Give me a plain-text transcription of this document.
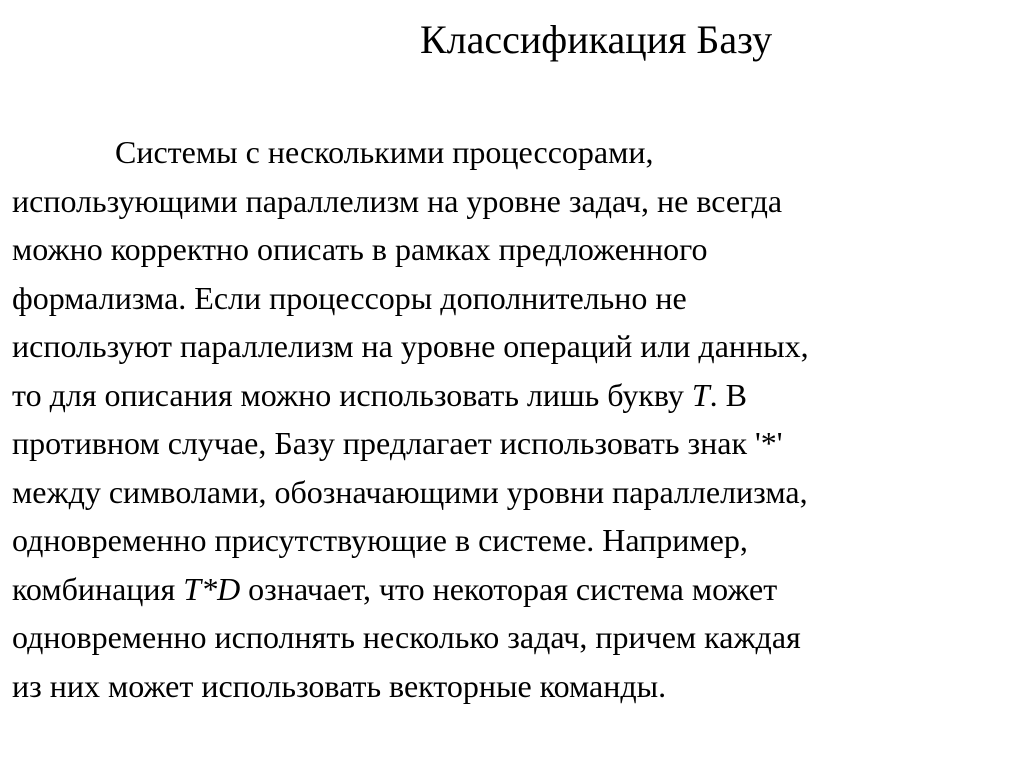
Классификация Базу
Системы с несколькими процессорами,
использующими параллелизм на уровне задач, не всегда
можно корректно описать в рамках предложенного
формализма. Если процессоры дополнительно не
используют параллелизм на уровне операций или данных,
то для описания можно использовать лишь букву T. В
противном случае, Базу предлагает использовать знак '*'
между символами, обозначающими уровни параллелизма,
одновременно присутствующие в системе. Например,
комбинация T*D означает, что некоторая система может
одновременно исполнять несколько задач, причем каждая
из них может использовать векторные команды.
